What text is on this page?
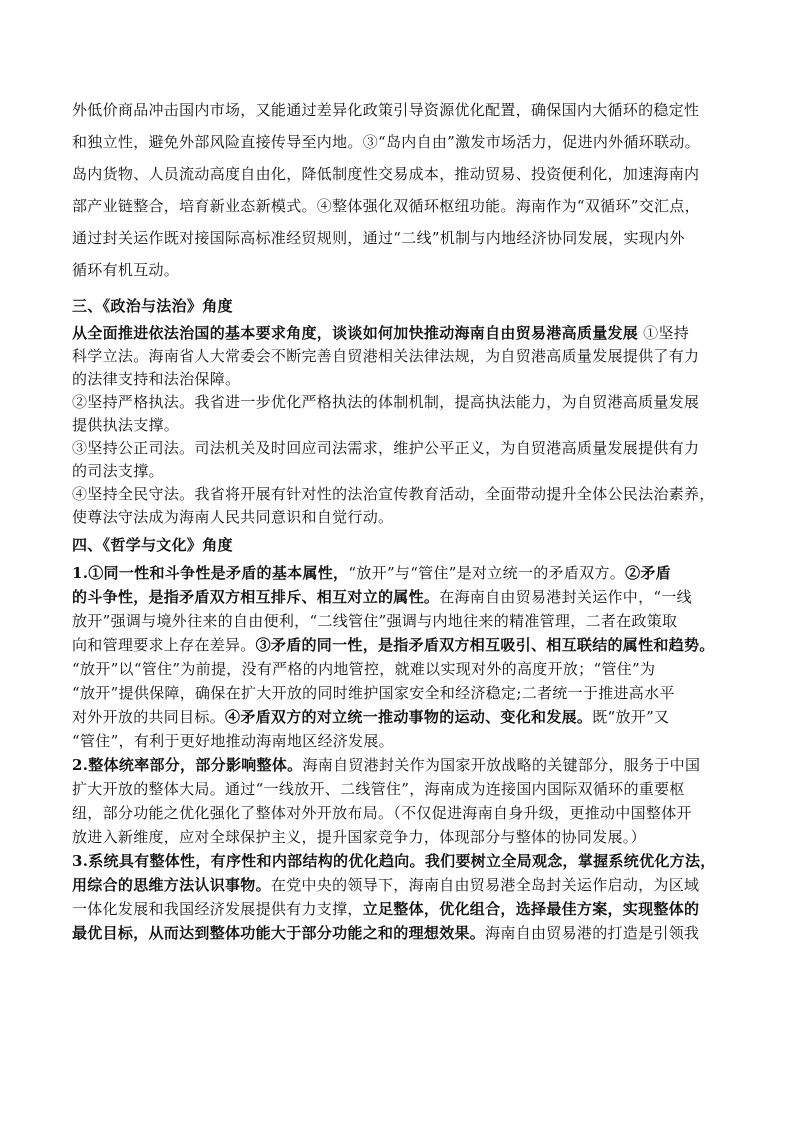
外低价商品冲击国内市场，又能通过差异化政策引导资源优化配置，确保国内大循环的稳定性

和独立性，避免外部风险直接传导至内地。③“岛内自由”激发市场活力，促进内外循环联动。

岛内货物、人员流动高度自由化，降低制度性交易成本，推动贸易、投资便利化，加速海南内

部产业链整合，培育新业态新模式。④整体强化双循环枢纽功能。海南作为“双循环”交汇点，

通过封关运作既对接国际高标准经贸规则，通过“二线”机制与内地经济协同发展，实现内外

循环有机互动。

三、《政治与法治》角度

从全面推进依法治国的基本要求角度，谈谈如何加快推动海南自由贸易港高质量发展 ①坚持

科学立法。海南省人大常委会不断完善自贸港相关法律法规，为自贸港高质量发展提供了有力

的法律支持和法治保障。

②坚持严格执法。我省进一步优化严格执法的体制机制，提高执法能力，为自贸港高质量发展

提供执法支撑。

③坚持公正司法。司法机关及时回应司法需求，维护公平正义，为自贸港高质量发展提供有力

的司法支撑。

④坚持全民守法。我省将开展有针对性的法治宣传教育活动，全面带动提升全体公民法治素养，

使尊法守法成为海南人民共同意识和自觉行动。

四、《哲学与文化》角度

1.①同一性和斗争性是矛盾的基本属性，“放开”与“管住”是对立统一的矛盾双方。②矛盾

的斗争性，是指矛盾双方相互排斥、相互对立的属性。在海南自由贸易港封关运作中，“一线

放开”强调与境外往来的自由便利，“二线管住”强调与内地往来的精准管理，二者在政策取

向和管理要求上存在差异。③矛盾的同一性，是指矛盾双方相互吸引、相互联结的属性和趋势。

“放开”以“管住”为前提，没有严格的内地管控，就难以实现对外的高度开放；“管住”为

“放开”提供保障，确保在扩大开放的同时维护国家安全和经济稳定;二者统一于推进高水平

对外开放的共同目标。④矛盾双方的对立统一推动事物的运动、变化和发展。既“放开”又

“管住”，有利于更好地推动海南地区经济发展。

2.整体统率部分，部分影响整体。海南自贸港封关作为国家开放战略的关键部分，服务于中国

扩大开放的整体大局。通过“一线放开、二线管住”，海南成为连接国内国际双循环的重要枢

纽，部分功能之优化强化了整体对外开放布局。（不仅促进海南自身升级，更推动中国整体开

放进入新维度，应对全球保护主义，提升国家竞争力，体现部分与整体的协同发展。）

3.系统具有整体性，有序性和内部结构的优化趋向。我们要树立全局观念，掌握系统优化方法，

用综合的思维方法认识事物。在党中央的领导下，海南自由贸易港全岛封关运作启动，为区域

一体化发展和我国经济发展提供有力支撑，立足整体，优化组合，选择最佳方案，实现整体的

最优目标，从而达到整体功能大于部分功能之和的理想效果。海南自由贸易港的打造是引领我
